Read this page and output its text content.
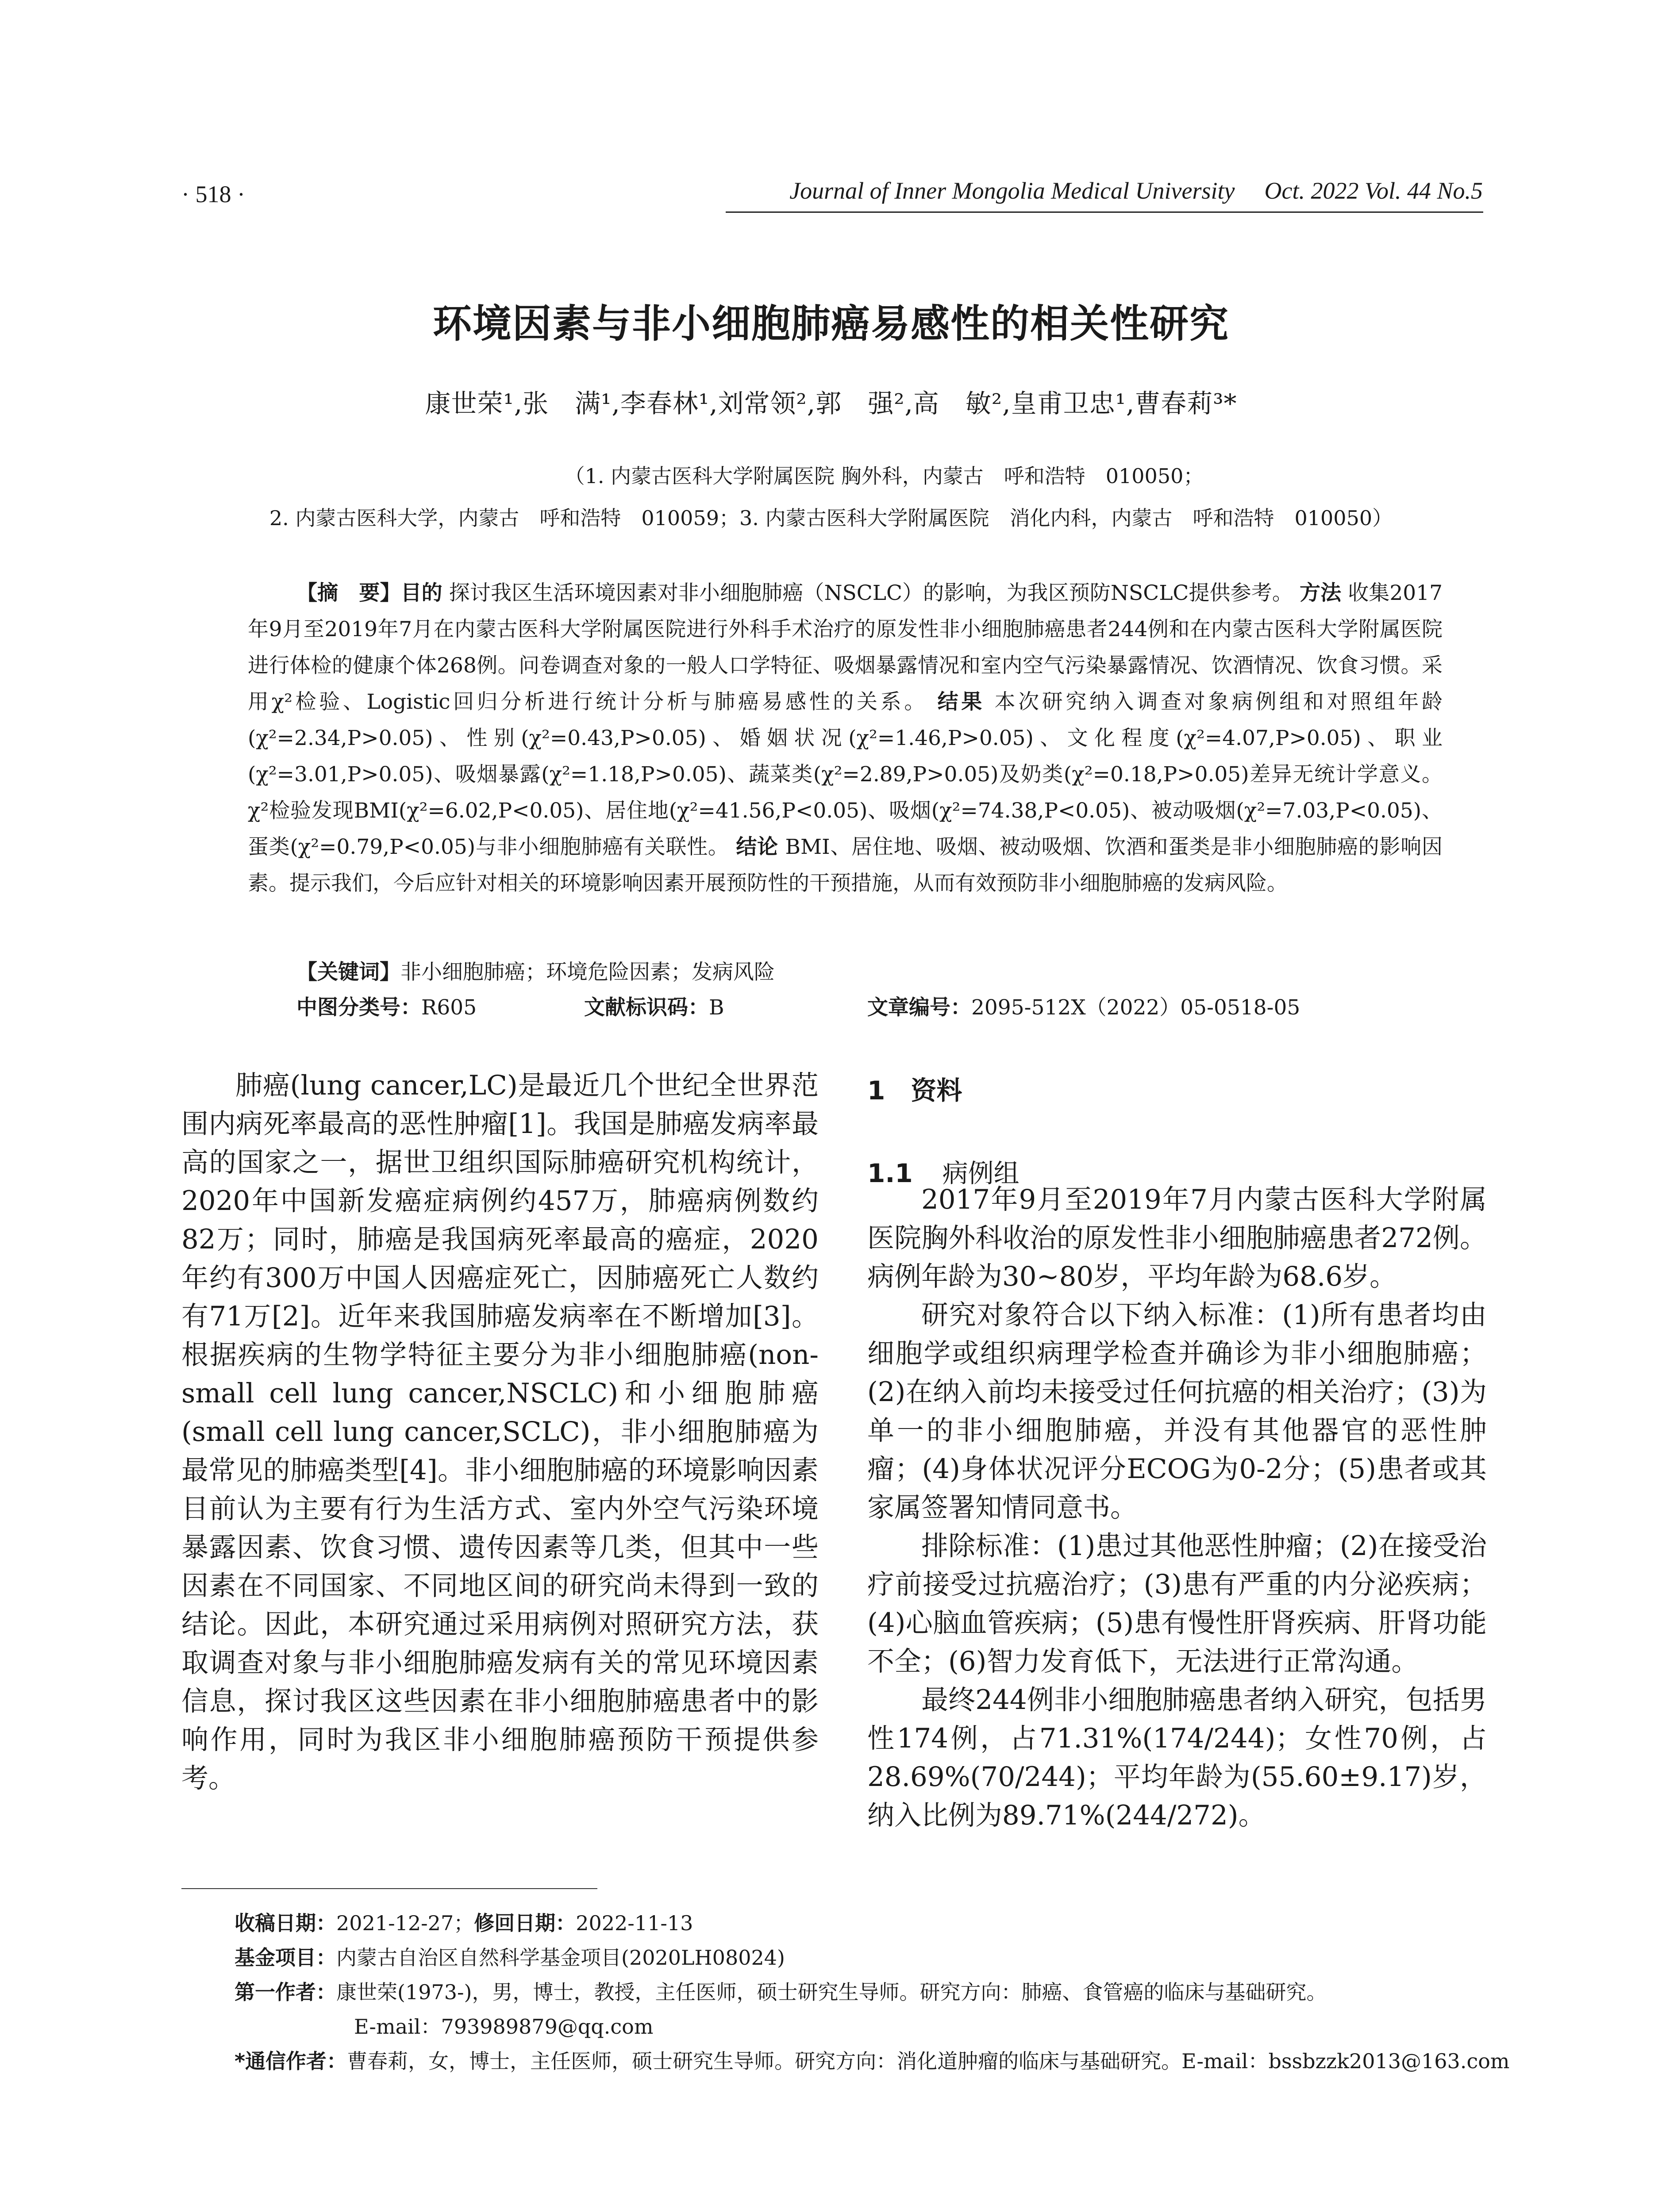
· 518 ·	Journal of Inner Mongolia Medical University Oct. 2022 Vol. 44 No.5
环境因素与非小细胞肺癌易感性的相关性研究
康世荣¹,张　满¹,李春林¹,刘常领²,郭　强²,高　敏²,皇甫卫忠¹,曹春莉³*
（1. 内蒙古医科大学附属医院 胸外科，内蒙古　呼和浩特　010050；
2. 内蒙古医科大学，内蒙古　呼和浩特　010059；3. 内蒙古医科大学附属医院　消化内科，内蒙古　呼和浩特　010050）
【摘　要】目的 探讨我区生活环境因素对非小细胞肺癌（NSCLC）的影响，为我区预防NSCLC提供参考。 方法 收集2017年9月至2019年7月在内蒙古医科大学附属医院进行外科手术治疗的原发性非小细胞肺癌患者244例和在内蒙古医科大学附属医院进行体检的健康个体268例。问卷调查对象的一般人口学特征、吸烟暴露情况和室内空气污染暴露情况、饮酒情况、饮食习惯。采用χ²检验、Logistic回归分析进行统计分析与肺癌易感性的关系。 结果 本次研究纳入调查对象病例组和对照组年龄(χ²=2.34,P>0.05)、性别(χ²=0.43,P>0.05)、婚姻状况(χ²=1.46,P>0.05)、文化程度(χ²=4.07,P>0.05)、职业(χ²=3.01,P>0.05)、吸烟暴露(χ²=1.18,P>0.05)、蔬菜类(χ²=2.89,P>0.05)及奶类(χ²=0.18,P>0.05)差异无统计学意义。χ²检验发现BMI(χ²=6.02,P<0.05)、居住地(χ²=41.56,P<0.05)、吸烟(χ²=74.38,P<0.05)、被动吸烟(χ²=7.03,P<0.05)、蛋类(χ²=0.79,P<0.05)与非小细胞肺癌有关联性。 结论 BMI、居住地、吸烟、被动吸烟、饮酒和蛋类是非小细胞肺癌的影响因素。提示我们，今后应针对相关的环境影响因素开展预防性的干预措施，从而有效预防非小细胞肺癌的发病风险。
【关键词】非小细胞肺癌；环境危险因素；发病风险
中图分类号：R605	文献标识码：B	文章编号：2095-512X（2022）05-0518-05

肺癌(lung cancer,LC)是最近几个世纪全世界范围内病死率最高的恶性肿瘤[1]。我国是肺癌发病率最高的国家之一，据世卫组织国际肺癌研究机构统计，2020年中国新发癌症病例约457万，肺癌病例数约82万；同时，肺癌是我国病死率最高的癌症，2020年约有300万中国人因癌症死亡，因肺癌死亡人数约有71万[2]。近年来我国肺癌发病率在不断增加[3]。根据疾病的生物学特征主要分为非小细胞肺癌(non-small cell lung cancer,NSCLC)和小细胞肺癌(small cell lung cancer,SCLC)，非小细胞肺癌为最常见的肺癌类型[4]。非小细胞肺癌的环境影响因素目前认为主要有行为生活方式、室内外空气污染环境暴露因素、饮食习惯、遗传因素等几类，但其中一些因素在不同国家、不同地区间的研究尚未得到一致的结论。因此，本研究通过采用病例对照研究方法，获取调查对象与非小细胞肺癌发病有关的常见环境因素信息，探讨我区这些因素在非小细胞肺癌患者中的影响作用，同时为我区非小细胞肺癌预防干预提供参考。

1　资料
1.1 病例组

2017年9月至2019年7月内蒙古医科大学附属医院胸外科收治的原发性非小细胞肺癌患者272例。病例年龄为30~80岁，平均年龄为68.6岁。

研究对象符合以下纳入标准：(1)所有患者均由细胞学或组织病理学检查并确诊为非小细胞肺癌；(2)在纳入前均未接受过任何抗癌的相关治疗；(3)为单一的非小细胞肺癌，并没有其他器官的恶性肿瘤；(4)身体状况评分ECOG为0-2分；(5)患者或其家属签署知情同意书。

排除标准：(1)患过其他恶性肿瘤；(2)在接受治疗前接受过抗癌治疗；(3)患有严重的内分泌疾病；(4)心脑血管疾病；(5)患有慢性肝肾疾病、肝肾功能不全；(6)智力发育低下，无法进行正常沟通。

最终244例非小细胞肺癌患者纳入研究，包括男性174例，占71.31%(174/244)；女性70例，占28.69%(70/244)；平均年龄为(55.60±9.17)岁，纳入比例为89.71%(244/272)。

收稿日期：2021-12-27；修回日期：2022-11-13
基金项目：内蒙古自治区自然科学基金项目(2020LH08024)
第一作者：康世荣(1973-)，男，博士，教授，主任医师，硕士研究生导师。研究方向：肺癌、食管癌的临床与基础研究。
E-mail：793989879@qq.com
*通信作者：曹春莉，女，博士，主任医师，硕士研究生导师。研究方向：消化道肿瘤的临床与基础研究。E-mail：bssbzzk2013@163.com
